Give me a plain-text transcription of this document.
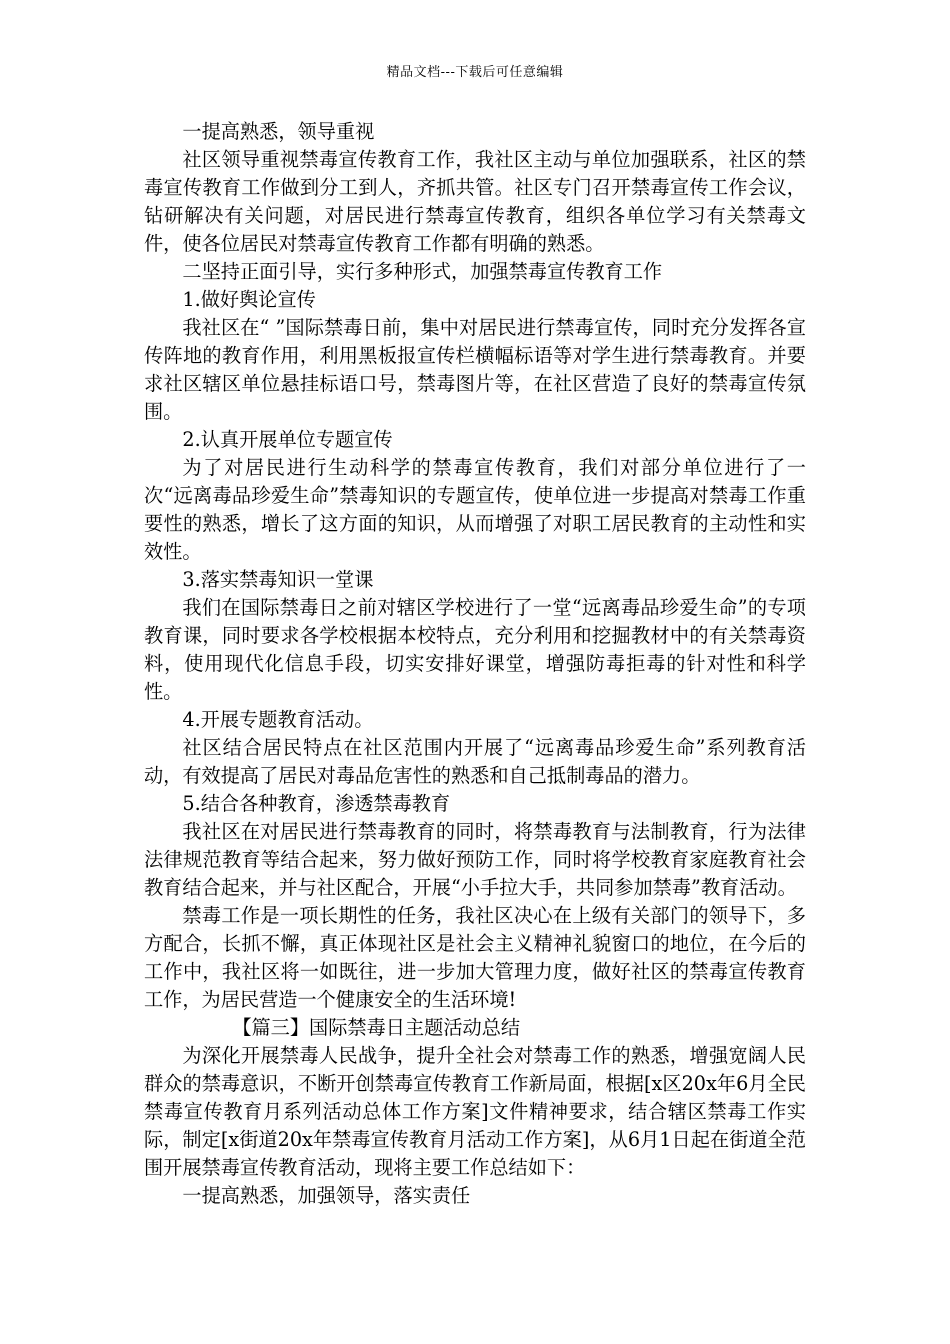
精品文档---下载后可任意编辑

一提高熟悉，领导重视

社区领导重视禁毒宣传教育工作，我社区主动与单位加强联系，社区的禁毒宣传教育工作做到分工到人，齐抓共管。社区专门召开禁毒宣传工作会议，钻研解决有关问题，对居民进行禁毒宣传教育，组织各单位学习有关禁毒文件，使各位居民对禁毒宣传教育工作都有明确的熟悉。

二坚持正面引导，实行多种形式，加强禁毒宣传教育工作

1.做好舆论宣传

我社区在“ ”国际禁毒日前，集中对居民进行禁毒宣传，同时充分发挥各宣传阵地的教育作用，利用黑板报宣传栏横幅标语等对学生进行禁毒教育。并要求社区辖区单位悬挂标语口号，禁毒图片等，在社区营造了良好的禁毒宣传氛围。

2.认真开展单位专题宣传

为了对居民进行生动科学的禁毒宣传教育，我们对部分单位进行了一次“远离毒品珍爱生命”禁毒知识的专题宣传，使单位进一步提高对禁毒工作重要性的熟悉，增长了这方面的知识，从而增强了对职工居民教育的主动性和实效性。

3.落实禁毒知识一堂课

我们在国际禁毒日之前对辖区学校进行了一堂“远离毒品珍爱生命”的专项教育课，同时要求各学校根据本校特点，充分利用和挖掘教材中的有关禁毒资料，使用现代化信息手段，切实安排好课堂，增强防毒拒毒的针对性和科学性。

4.开展专题教育活动。

社区结合居民特点在社区范围内开展了“远离毒品珍爱生命”系列教育活动，有效提高了居民对毒品危害性的熟悉和自己抵制毒品的潜力。

5.结合各种教育，渗透禁毒教育

我社区在对居民进行禁毒教育的同时，将禁毒教育与法制教育，行为法律法律规范教育等结合起来，努力做好预防工作，同时将学校教育家庭教育社会教育结合起来，并与社区配合，开展“小手拉大手，共同参加禁毒”教育活动。

禁毒工作是一项长期性的任务，我社区决心在上级有关部门的领导下，多方配合，长抓不懈，真正体现社区是社会主义精神礼貌窗口的地位，在今后的工作中，我社区将一如既往，进一步加大管理力度，做好社区的禁毒宣传教育工作，为居民营造一个健康安全的生活环境!

【篇三】国际禁毒日主题活动总结

为深化开展禁毒人民战争，提升全社会对禁毒工作的熟悉，增强宽阔人民群众的禁毒意识，不断开创禁毒宣传教育工作新局面，根据[x区20x年6月全民禁毒宣传教育月系列活动总体工作方案]文件精神要求，结合辖区禁毒工作实际，制定[x街道20x年禁毒宣传教育月活动工作方案]，从6月1日起在街道全范围开展禁毒宣传教育活动，现将主要工作总结如下：

一提高熟悉，加强领导，落实责任
